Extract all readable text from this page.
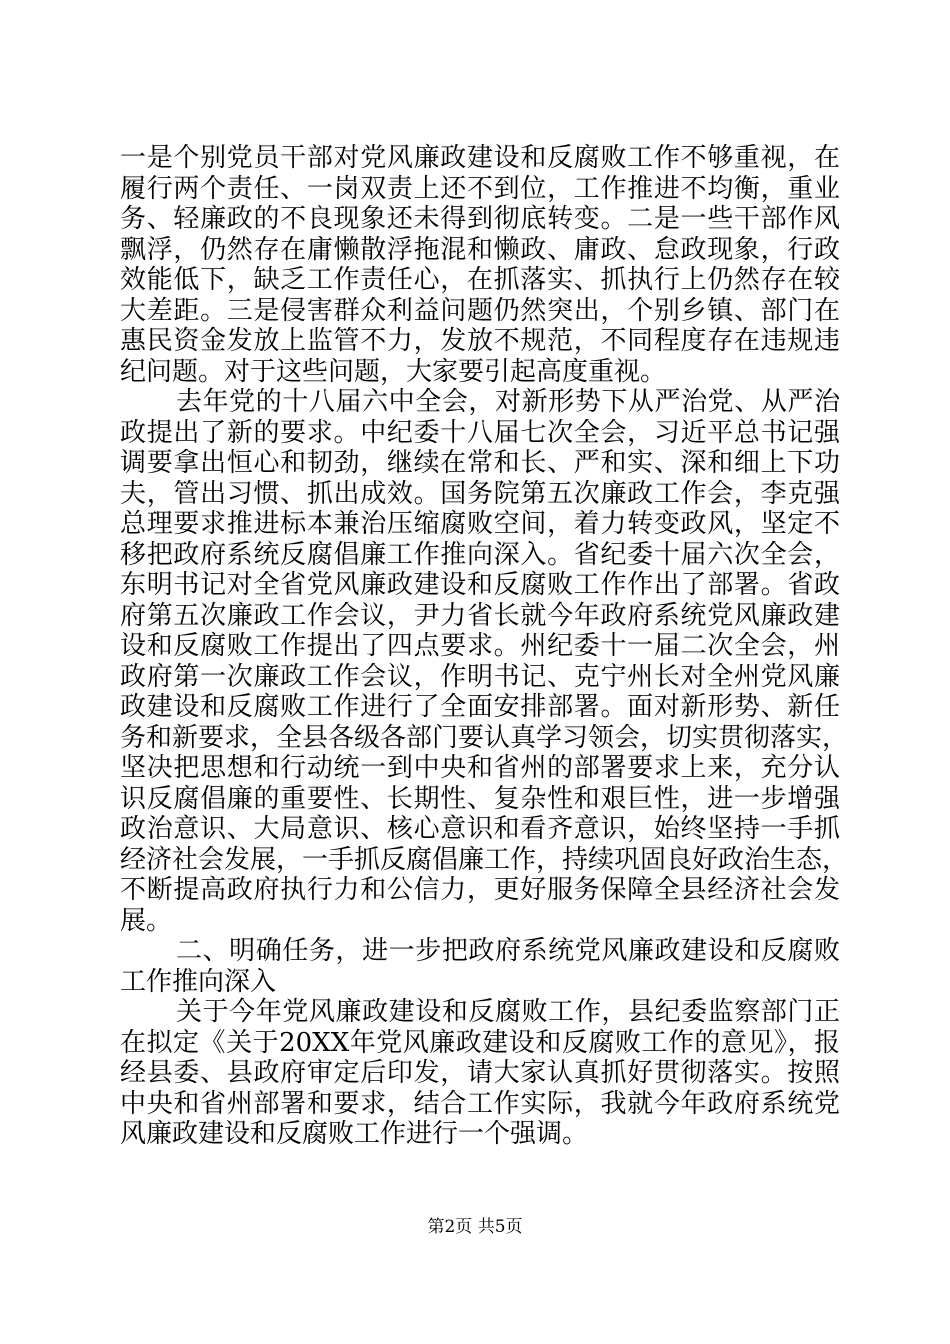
一是个别党员干部对党风廉政建设和反腐败工作不够重视，在
履行两个责任、一岗双责上还不到位，工作推进不均衡，重业
务、轻廉政的不良现象还未得到彻底转变。二是一些干部作风
飘浮，仍然存在庸懒散浮拖混和懒政、庸政、怠政现象，行政
效能低下，缺乏工作责任心，在抓落实、抓执行上仍然存在较
大差距。三是侵害群众利益问题仍然突出，个别乡镇、部门在
惠民资金发放上监管不力，发放不规范，不同程度存在违规违
纪问题。对于这些问题，大家要引起高度重视。
去年党的十八届六中全会，对新形势下从严治党、从严治
政提出了新的要求。中纪委十八届七次全会，习近平总书记强
调要拿出恒心和韧劲，继续在常和长、严和实、深和细上下功
夫，管出习惯、抓出成效。国务院第五次廉政工作会，李克强
总理要求推进标本兼治压缩腐败空间，着力转变政风，坚定不
移把政府系统反腐倡廉工作推向深入。省纪委十届六次全会，
东明书记对全省党风廉政建设和反腐败工作作出了部署。省政
府第五次廉政工作会议，尹力省长就今年政府系统党风廉政建
设和反腐败工作提出了四点要求。州纪委十一届二次全会，州
政府第一次廉政工作会议，作明书记、克宁州长对全州党风廉
政建设和反腐败工作进行了全面安排部署。面对新形势、新任
务和新要求，全县各级各部门要认真学习领会，切实贯彻落实，
坚决把思想和行动统一到中央和省州的部署要求上来，充分认
识反腐倡廉的重要性、长期性、复杂性和艰巨性，进一步增强
政治意识、大局意识、核心意识和看齐意识，始终坚持一手抓
经济社会发展，一手抓反腐倡廉工作，持续巩固良好政治生态，
不断提高政府执行力和公信力，更好服务保障全县经济社会发
展。
二、明确任务，进一步把政府系统党风廉政建设和反腐败
工作推向深入
关于今年党风廉政建设和反腐败工作，县纪委监察部门正
在拟定《关于20XX年党风廉政建设和反腐败工作的意见》，报
经县委、县政府审定后印发，请大家认真抓好贯彻落实。按照
中央和省州部署和要求，结合工作实际，我就今年政府系统党
风廉政建设和反腐败工作进行一个强调。
第2页 共5页
